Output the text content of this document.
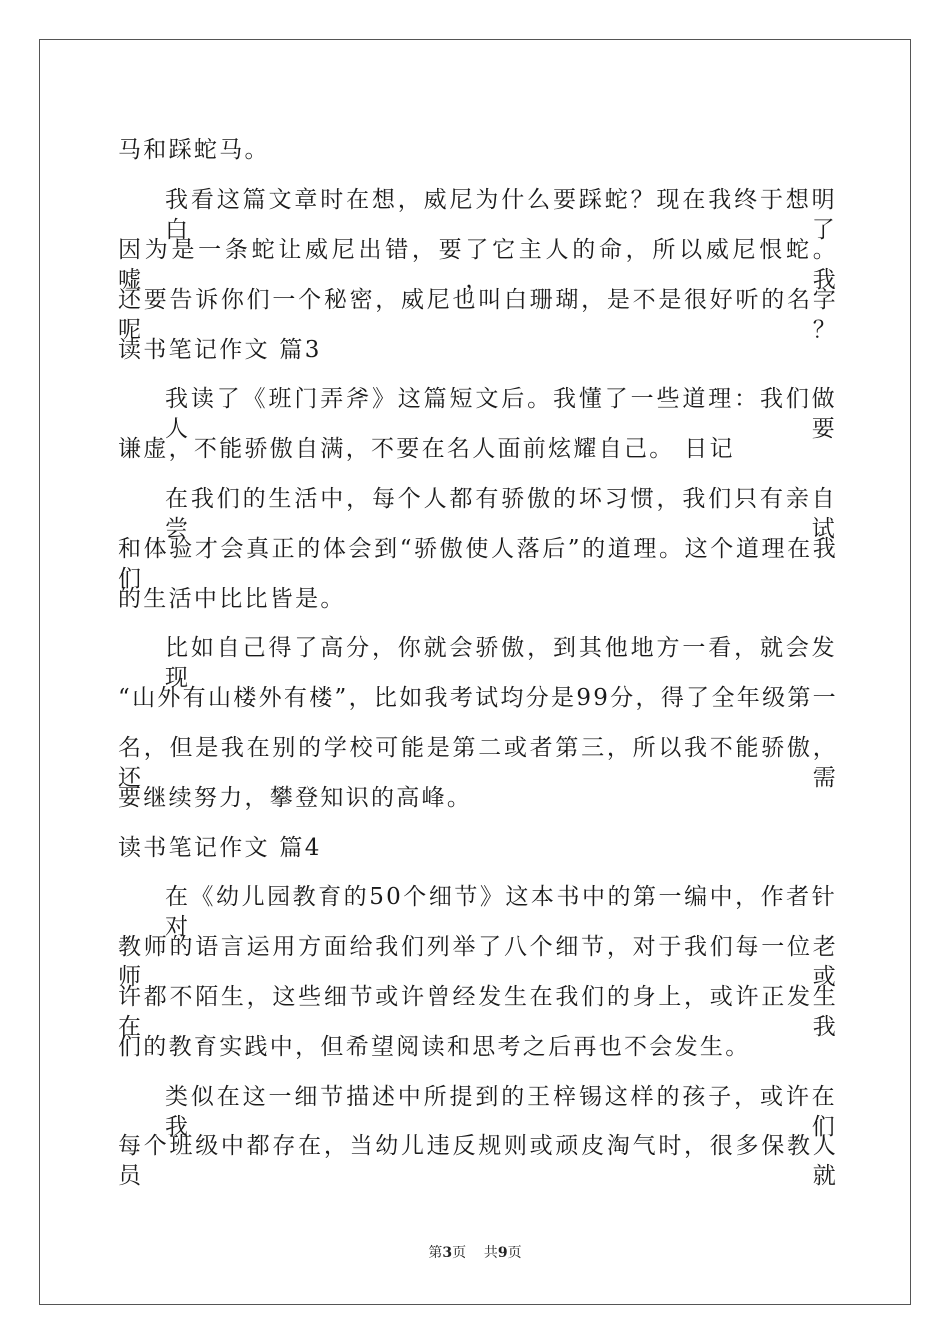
马和踩蛇马。
我看这篇文章时在想，威尼为什么要踩蛇？现在我终于想明白了
因为是一条蛇让威尼出错，要了它主人的命，所以威尼恨蛇。嘘，我
还要告诉你们一个秘密，威尼也叫白珊瑚，是不是很好听的名字呢？
读书笔记作文 篇3
我读了《班门弄斧》这篇短文后。我懂了一些道理：我们做人要
谦虚，不能骄傲自满，不要在名人面前炫耀自己。 日记
在我们的生活中，每个人都有骄傲的坏习惯，我们只有亲自尝试
和体验才会真正的体会到“骄傲使人落后”的道理。这个道理在我们
的生活中比比皆是。
比如自己得了高分，你就会骄傲，到其他地方一看，就会发现
“山外有山楼外有楼”，比如我考试均分是99分，得了全年级第一
名，但是我在别的学校可能是第二或者第三，所以我不能骄傲，还需
要继续努力，攀登知识的高峰。
读书笔记作文 篇4
在《幼儿园教育的50个细节》这本书中的第一编中，作者针对
教师的语言运用方面给我们列举了八个细节，对于我们每一位老师或
许都不陌生，这些细节或许曾经发生在我们的身上，或许正发生在我
们的教育实践中，但希望阅读和思考之后再也不会发生。
类似在这一细节描述中所提到的王梓锡这样的孩子，或许在我们
每个班级中都存在，当幼儿违反规则或顽皮淘气时，很多保教人员就
第3页    共9页
